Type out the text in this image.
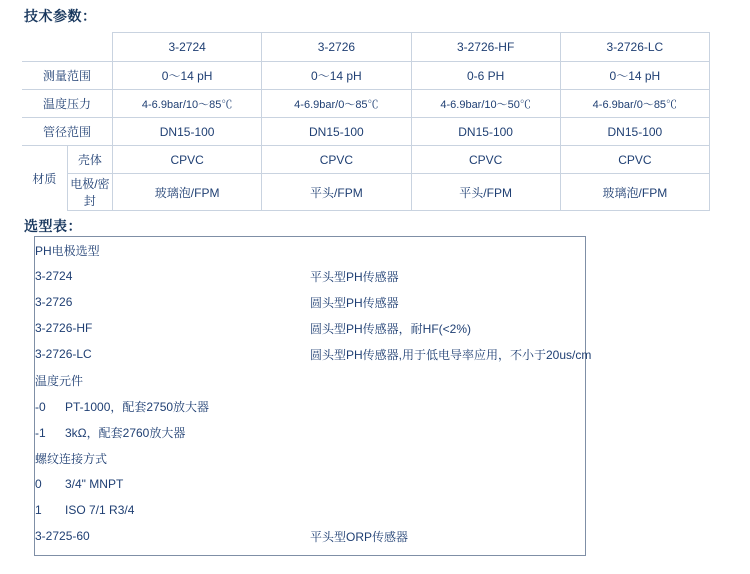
技术参数：
		3-2724	3-2726	3-2726-HF	3-2726-LC
测量范围		0～14 pH	0～14 pH	0-6 PH	0～14 pH
温度压力		4-6.9bar/10～85℃	4-6.9bar/0～85℃	4-6.9bar/10～50℃	4-6.9bar/0～85℃
管径范围		DN15-100	DN15-100	DN15-100	DN15-100
材质	壳体	CPVC	CPVC	CPVC	CPVC
	电极/密封	玻璃泡/FPM	平头/FPM	平头/FPM	玻璃泡/FPM
选型表：
PH电极选型	
3-2724	平头型PH传感器
3-2726	圆头型PH传感器
3-2726-HF	圆头型PH传感器，耐HF(<2%)
3-2726-LC	圆头型PH传感器,用于低电导率应用，不小于20us/cm
温度元件	
-0 PT-1000，配套2750放大器	
-1 3kΩ，配套2760放大器	
螺纹连接方式	
0 3/4" MNPT	
1 ISO 7/1 R3/4	
3-2725-60	平头型ORP传感器
